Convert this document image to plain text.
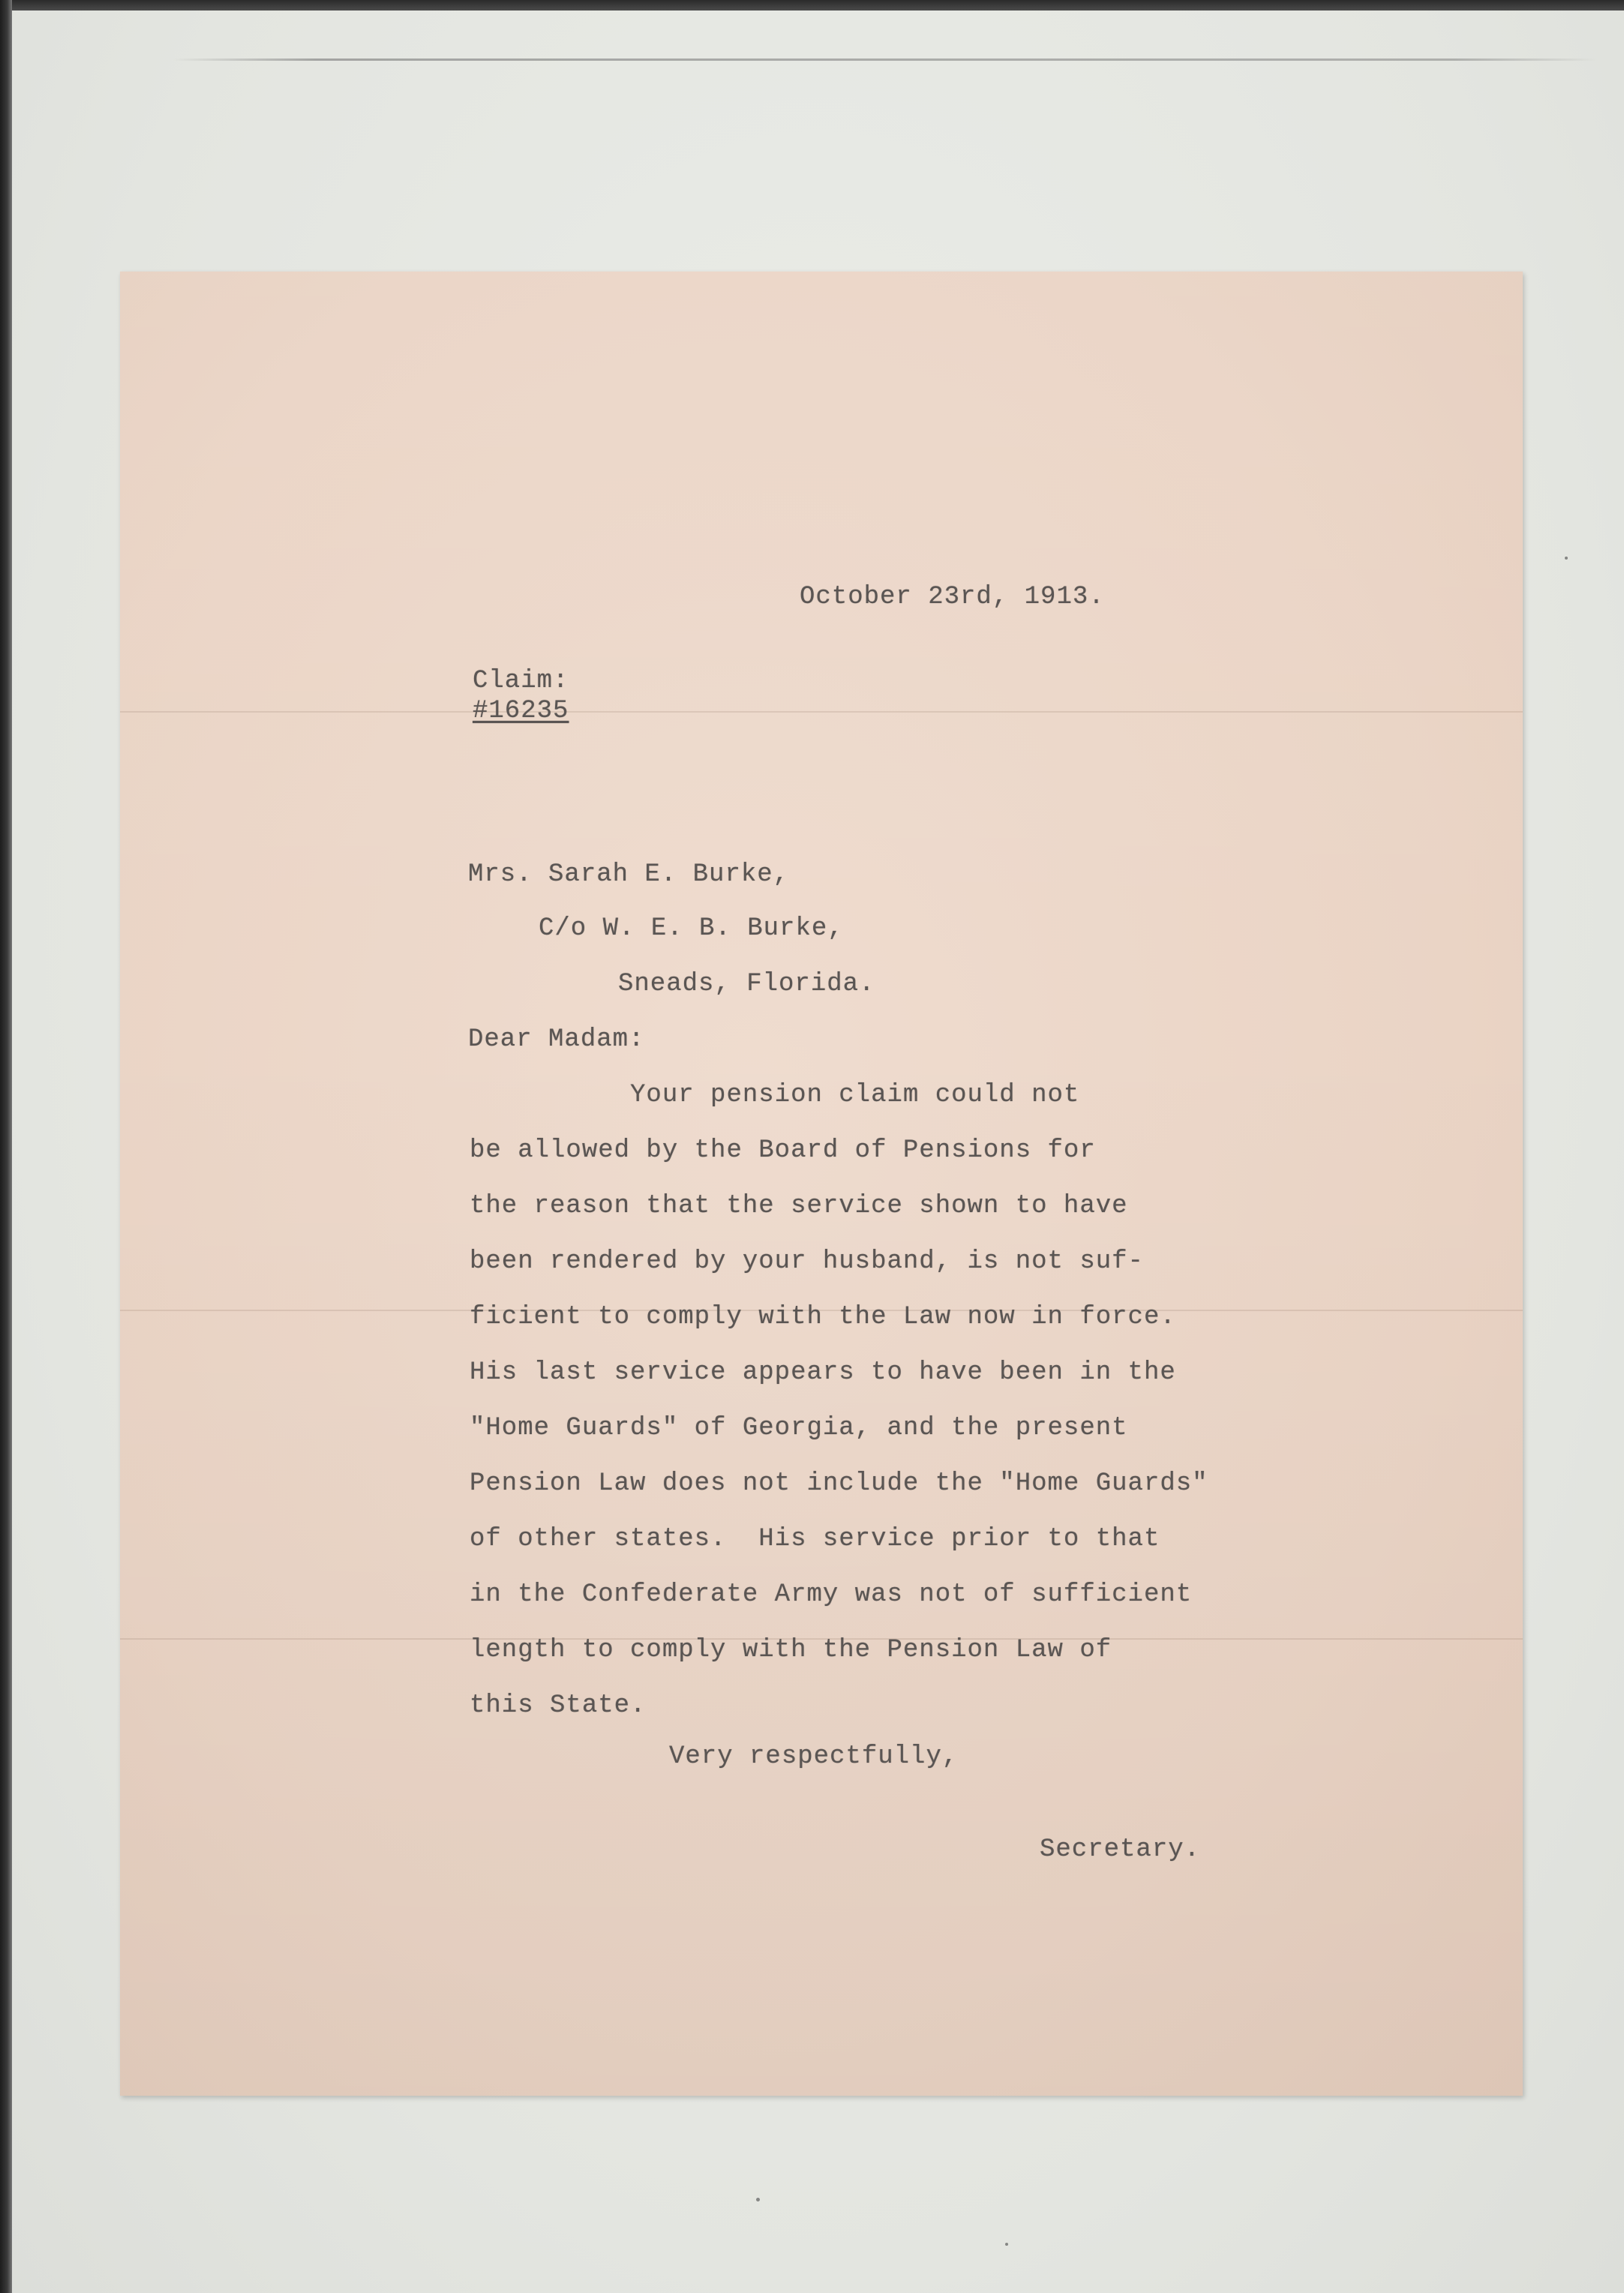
October 23rd, 1913.
Claim:
#16235
Mrs. Sarah E. Burke,
C/o W. E. B. Burke,
Sneads, Florida.
Dear Madam:
Your pension claim could not
be allowed by the Board of Pensions for
the reason that the service shown to have
been rendered by your husband, is not suf-
ficient to comply with the Law now in force.
His last service appears to have been in the
"Home Guards" of Georgia, and the present
Pension Law does not include the "Home Guards"
of other states.  His service prior to that
in the Confederate Army was not of sufficient
length to comply with the Pension Law of
this State.
Very respectfully,
Secretary.
